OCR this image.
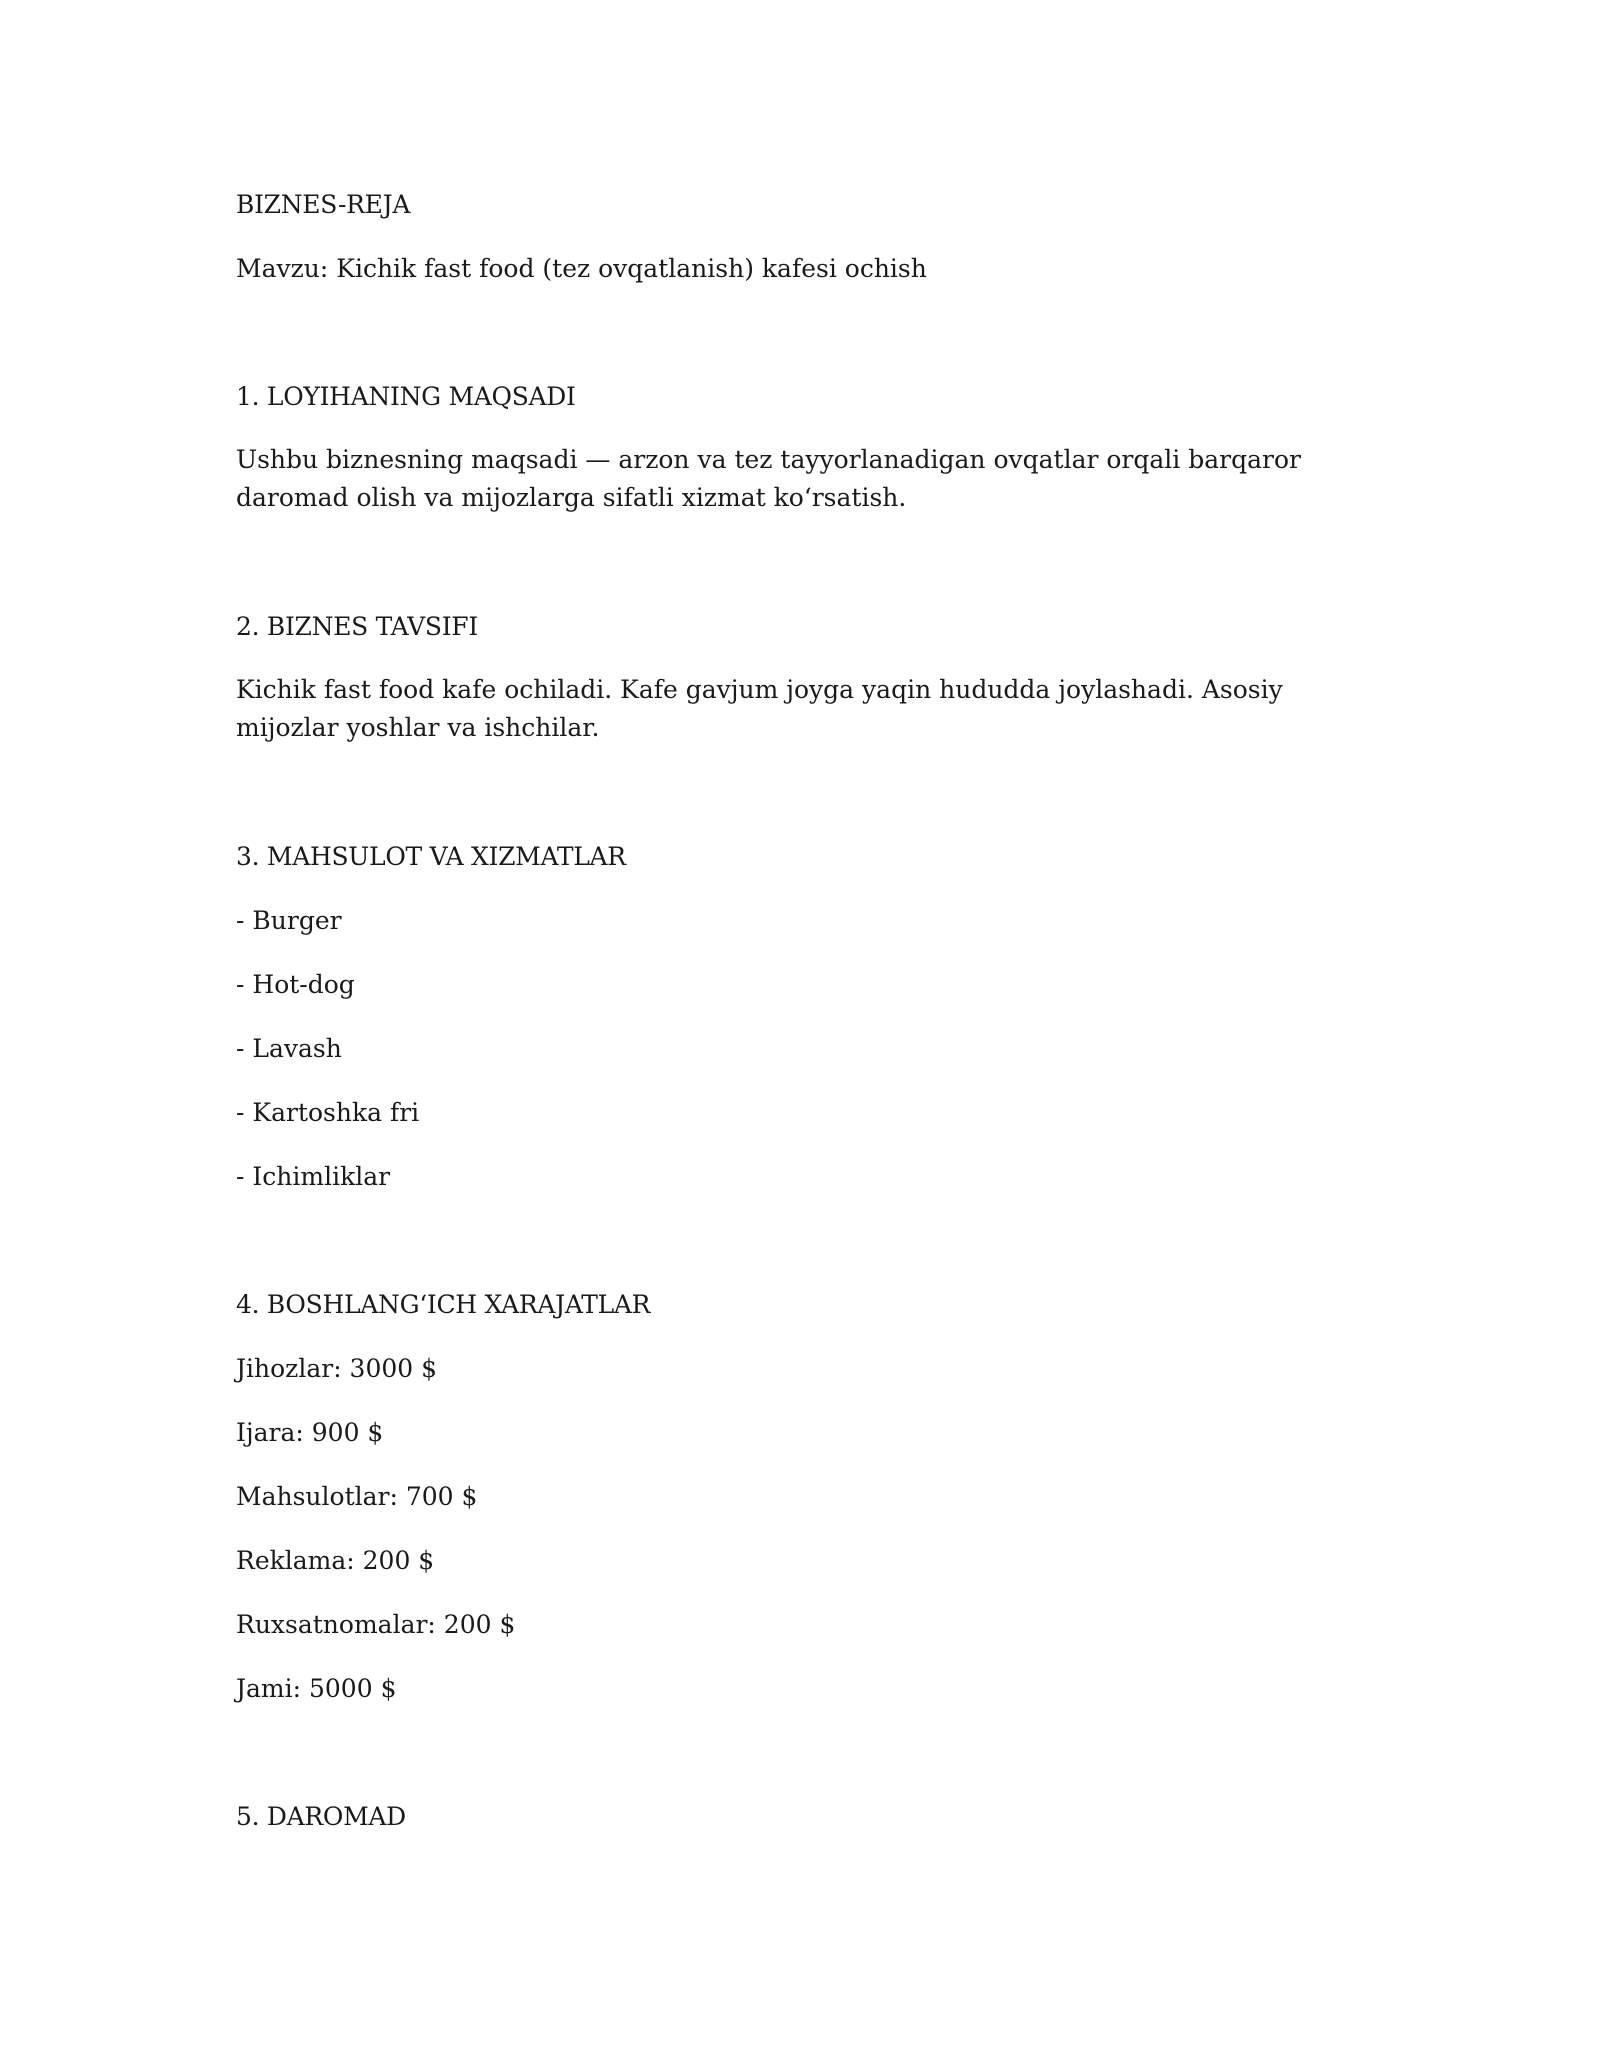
BIZNES-REJA

Mavzu: Kichik fast food (tez ovqatlanish) kafesi ochish

1. LOYIHANING MAQSADI

Ushbu biznesning maqsadi — arzon va tez tayyorlanadigan ovqatlar orqali barqaror daromad olish va mijozlarga sifatli xizmat ko‘rsatish.

2. BIZNES TAVSIFI

Kichik fast food kafe ochiladi. Kafe gavjum joyga yaqin hududda joylashadi. Asosiy mijozlar yoshlar va ishchilar.

3. MAHSULOT VA XIZMATLAR

- Burger

- Hot-dog

- Lavash

- Kartoshka fri

- Ichimliklar

4. BOSHLANG‘ICH XARAJATLAR

Jihozlar: 3000 $

Ijara: 900 $

Mahsulotlar: 700 $

Reklama: 200 $

Ruxsatnomalar: 200 $

Jami: 5000 $

5. DAROMAD
